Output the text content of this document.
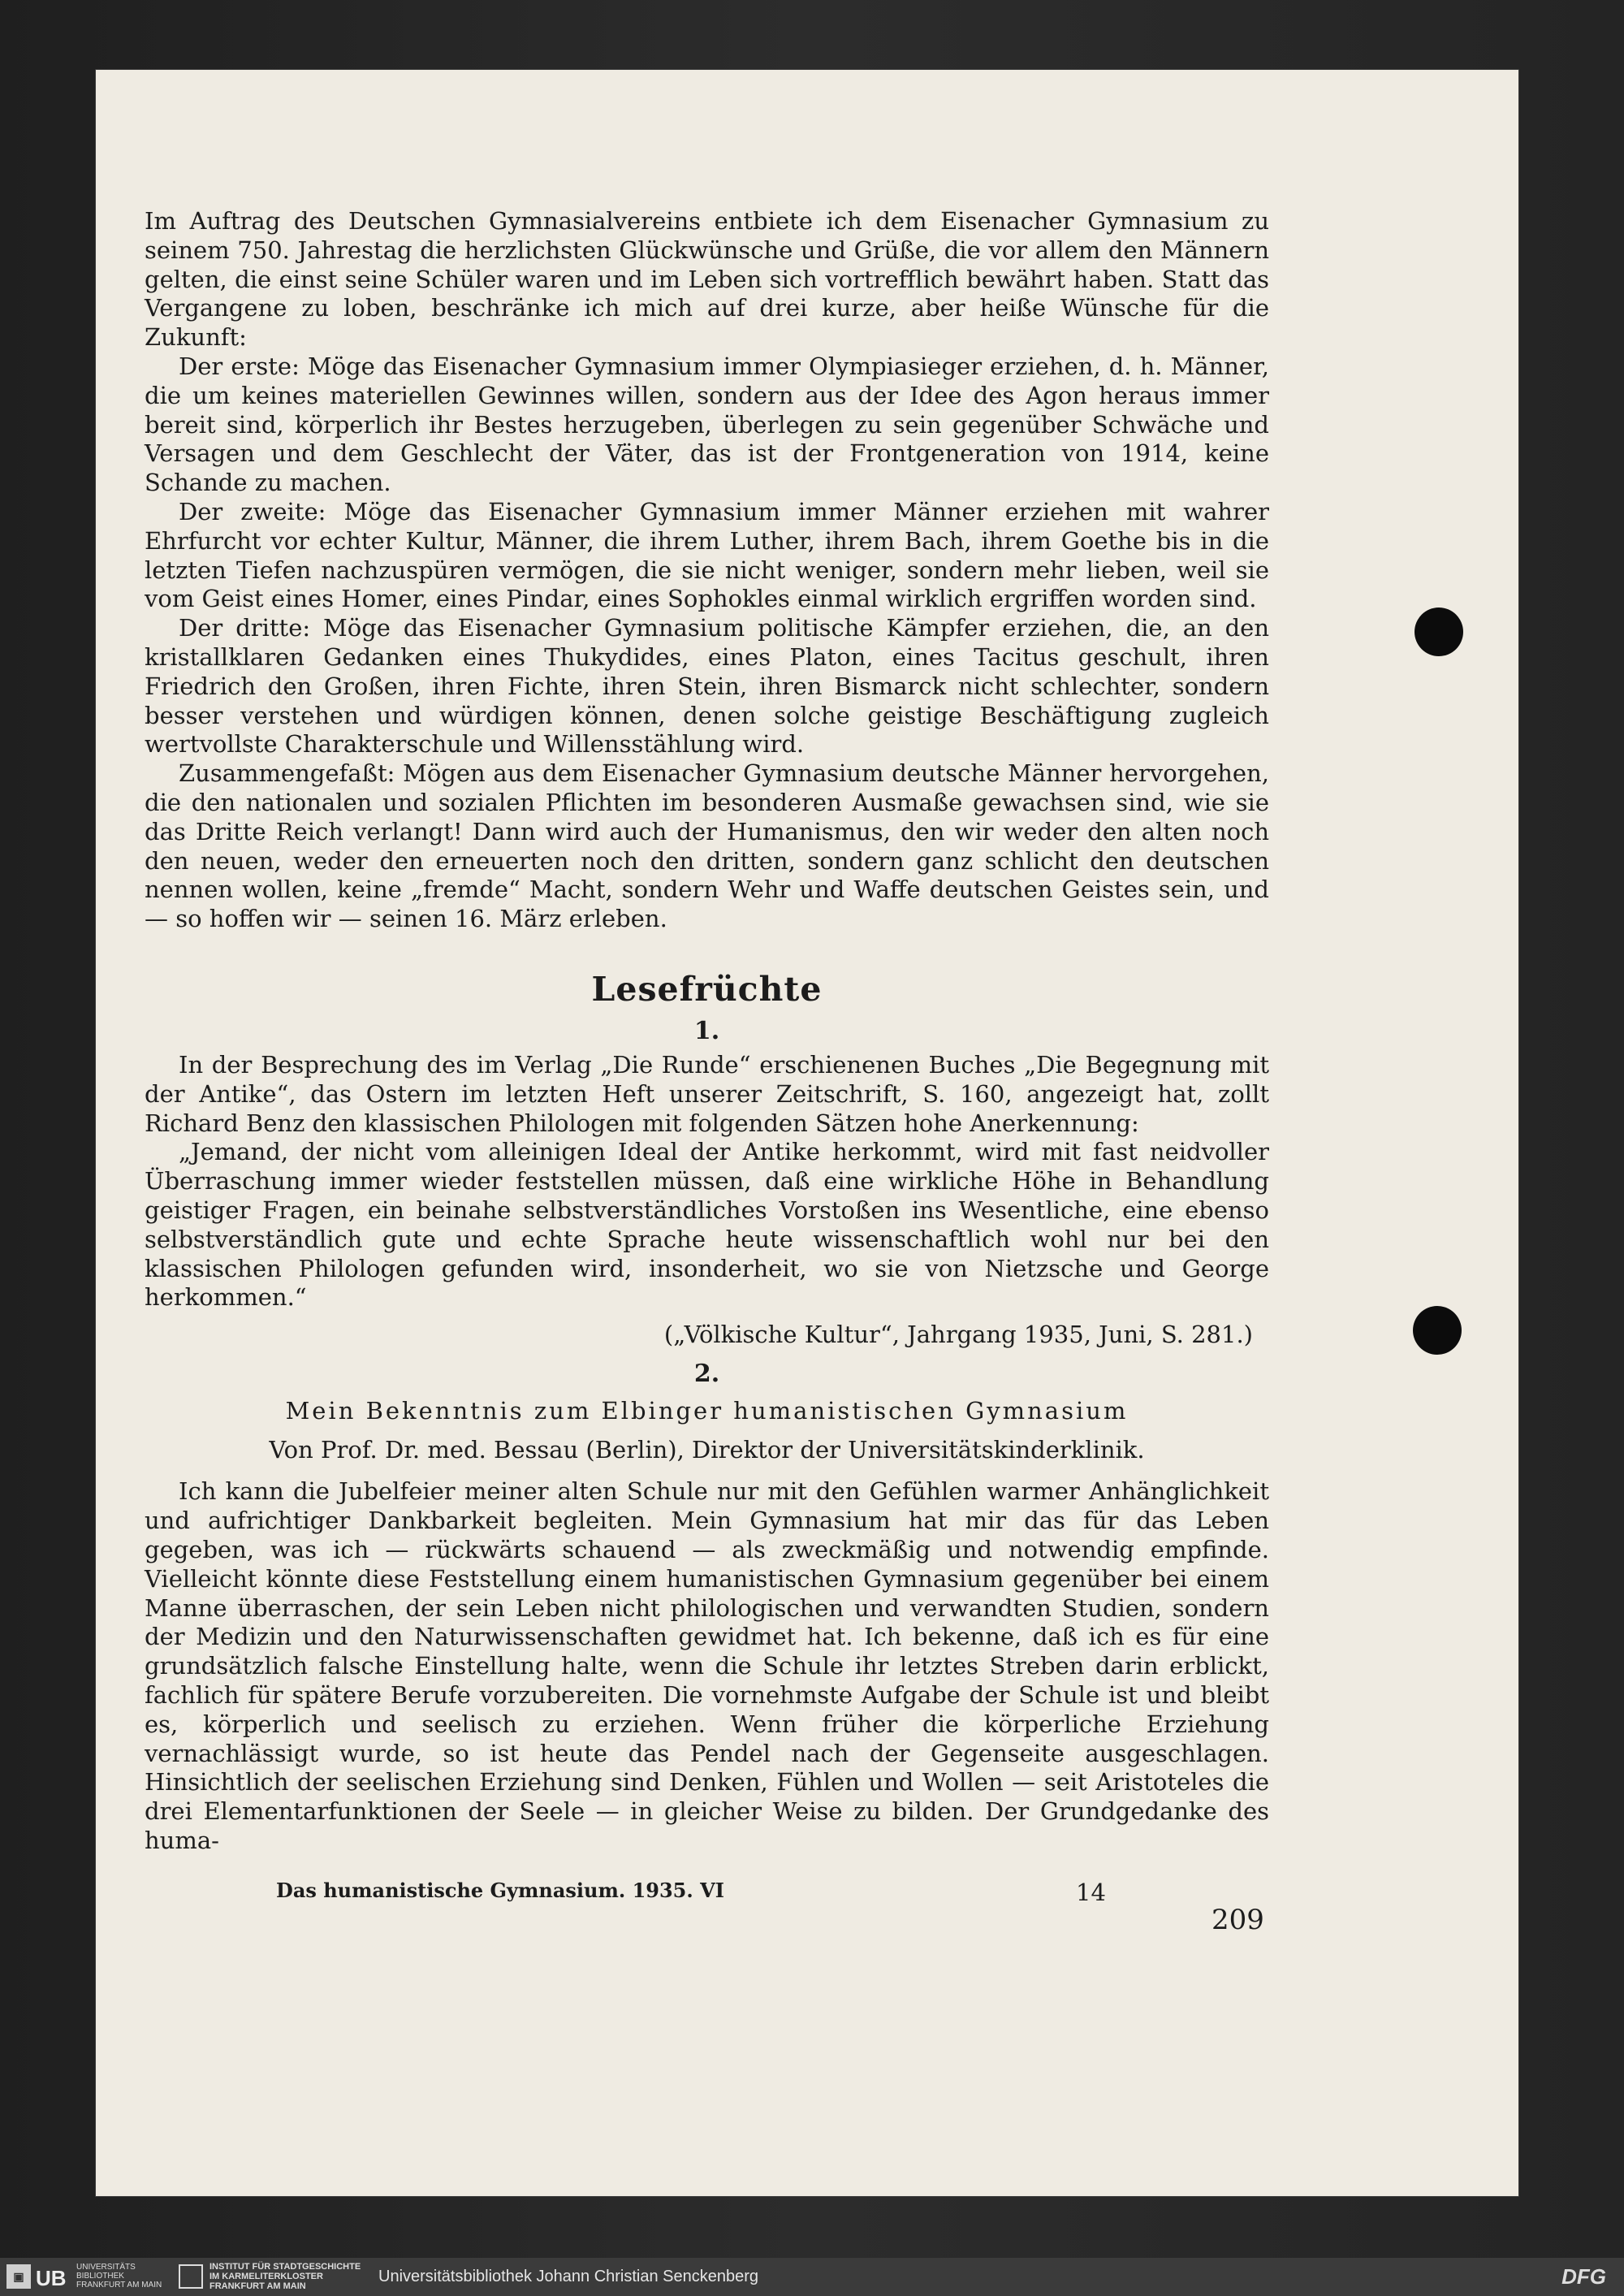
Im Auftrag des Deutschen Gymnasialvereins entbiete ich dem Eisenacher Gymnasium zu seinem 750. Jahrestag die herzlichsten Glückwünsche und Grüße, die vor allem den Männern gelten, die einst seine Schüler waren und im Leben sich vortrefflich bewährt haben. Statt das Vergangene zu loben, beschränke ich mich auf drei kurze, aber heiße Wünsche für die Zukunft:

Der erste: Möge das Eisenacher Gymnasium immer Olympiasieger erziehen, d. h. Männer, die um keines materiellen Gewinnes willen, sondern aus der Idee des Agon heraus immer bereit sind, körperlich ihr Bestes herzugeben, überlegen zu sein gegenüber Schwäche und Versagen und dem Geschlecht der Väter, das ist der Frontgeneration von 1914, keine Schande zu machen.

Der zweite: Möge das Eisenacher Gymnasium immer Männer erziehen mit wahrer Ehrfurcht vor echter Kultur, Männer, die ihrem Luther, ihrem Bach, ihrem Goethe bis in die letzten Tiefen nachzuspüren vermögen, die sie nicht weniger, sondern mehr lieben, weil sie vom Geist eines Homer, eines Pindar, eines Sophokles einmal wirklich ergriffen worden sind.

Der dritte: Möge das Eisenacher Gymnasium politische Kämpfer erziehen, die, an den kristallklaren Gedanken eines Thukydides, eines Platon, eines Tacitus geschult, ihren Friedrich den Großen, ihren Fichte, ihren Stein, ihren Bismarck nicht schlechter, sondern besser verstehen und würdigen können, denen solche geistige Beschäftigung zugleich wertvollste Charakterschule und Willensstählung wird.

Zusammengefaßt: Mögen aus dem Eisenacher Gymnasium deutsche Männer hervorgehen, die den nationalen und sozialen Pflichten im besonderen Ausmaße gewachsen sind, wie sie das Dritte Reich verlangt! Dann wird auch der Humanismus, den wir weder den alten noch den neuen, weder den erneuerten noch den dritten, sondern ganz schlicht den deutschen nennen wollen, keine „fremde“ Macht, sondern Wehr und Waffe deutschen Geistes sein, und — so hoffen wir — seinen 16. März erleben.

Lesefrüchte
1.

In der Besprechung des im Verlag „Die Runde“ erschienenen Buches „Die Begegnung mit der Antike“, das Ostern im letzten Heft unserer Zeitschrift, S. 160, angezeigt hat, zollt Richard Benz den klassischen Philologen mit folgenden Sätzen hohe Anerkennung:

„Jemand, der nicht vom alleinigen Ideal der Antike herkommt, wird mit fast neidvoller Überraschung immer wieder feststellen müssen, daß eine wirkliche Höhe in Behandlung geistiger Fragen, ein beinahe selbstverständliches Vorstoßen ins Wesentliche, eine ebenso selbstverständlich gute und echte Sprache heute wissenschaftlich wohl nur bei den klassischen Philologen gefunden wird, insonderheit, wo sie von Nietzsche und George herkommen.“

(„Völkische Kultur“, Jahrgang 1935, Juni, S. 281.)
2.
Mein Bekenntnis zum Elbinger humanistischen Gymnasium
Von Prof. Dr. med. Bessau (Berlin), Direktor der Universitätskinderklinik.

Ich kann die Jubelfeier meiner alten Schule nur mit den Gefühlen warmer Anhänglichkeit und aufrichtiger Dankbarkeit begleiten. Mein Gymnasium hat mir das für das Leben gegeben, was ich — rückwärts schauend — als zweckmäßig und notwendig empfinde. Vielleicht könnte diese Feststellung einem humanistischen Gymnasium gegenüber bei einem Manne überraschen, der sein Leben nicht philologischen und verwandten Studien, sondern der Medizin und den Naturwissenschaften gewidmet hat. Ich bekenne, daß ich es für eine grundsätzlich falsche Einstellung halte, wenn die Schule ihr letztes Streben darin erblickt, fachlich für spätere Berufe vorzubereiten. Die vornehmste Aufgabe der Schule ist und bleibt es, körperlich und seelisch zu erziehen. Wenn früher die körperliche Erziehung vernachlässigt wurde, so ist heute das Pendel nach der Gegenseite ausgeschlagen. Hinsichtlich der seelischen Erziehung sind Denken, Fühlen und Wollen — seit Aristoteles die drei Elementarfunktionen der Seele — in gleicher Weise zu bilden. Der Grundgedanke des huma-

Das humanistische Gymnasium. 1935. VI	14
209
▣ UB UNIVERSITÄTS BIBLIOTHEK FRANKFURT AM MAIN
INSTITUT FÜR STADTGESCHICHTE IM KARMELITERKLOSTER FRANKFURT AM MAIN
Universitätsbibliothek Johann Christian Senckenberg	DFG
